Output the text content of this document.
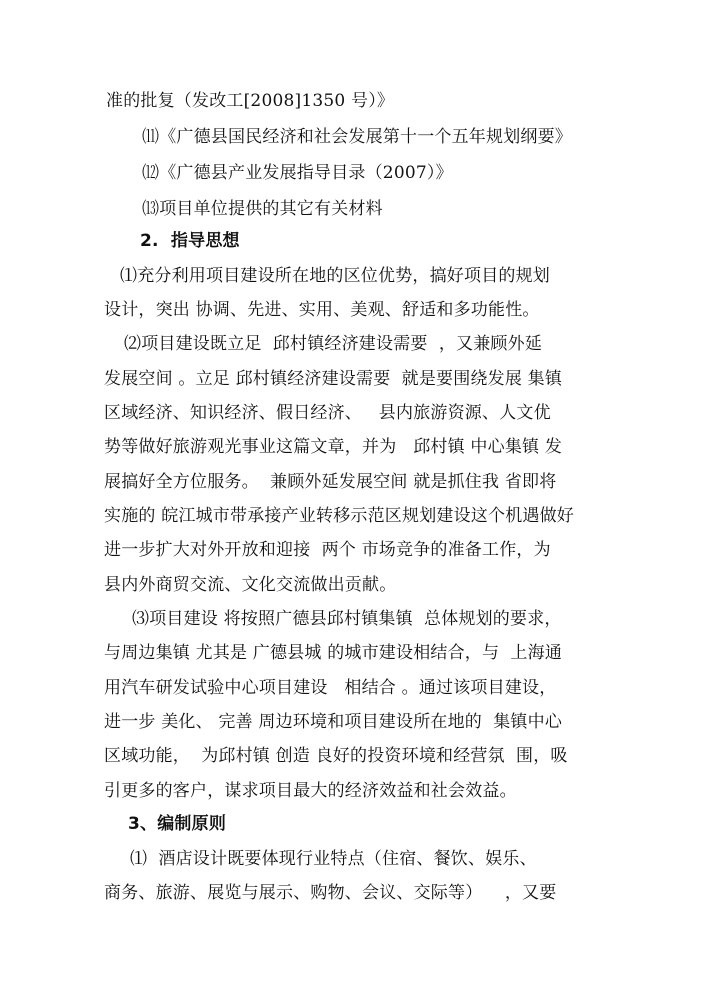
准的批复（发改工[2008]1350 号）》
⑾《广德县国民经济和社会发展第十一个五年规划纲要》
⑿《广德县产业发展指导目录（2007）》
⒀项目单位提供的其它有关材料
2.  指导思想
⑴充分利用项目建设所在地的区位优势，搞好项目的规划
设计，突出 协调、先进、实用、美观、舒适和多功能性。
⑵项目建设既立足  邱村镇经济建设需要  ，又兼顾外延
发展空间 。立足 邱村镇经济建设需要  就是要围绕发展 集镇
区域经济、知识经济、假日经济、   县内旅游资源、人文优
势等做好旅游观光事业这篇文章，并为   邱村镇 中心集镇 发
展搞好全方位服务。  兼顾外延发展空间 就是抓住我 省即将
实施的 皖江城市带承接产业转移示范区规划建设这个机遇做好
进一步扩大对外开放和迎接  两个 市场竞争的准备工作，为
县内外商贸交流、文化交流做出贡献。
⑶项目建设 将按照广德县邱村镇集镇  总体规划的要求，
与周边集镇 尤其是 广德县城 的城市建设相结合，与  上海通
用汽车研发试验中心项目建设   相结合 。通过该项目建设，
进一步 美化、 完善 周边环境和项目建设所在地的  集镇中心
区域功能，  为邱村镇 创造 良好的投资环境和经营氛  围，吸
引更多的客户，谋求项目最大的经济效益和社会效益。
3、编制原则
⑴  酒店设计既要体现行业特点（住宿、餐饮、娱乐、
商务、旅游、展览与展示、购物、会议、交际等）    ，又要
